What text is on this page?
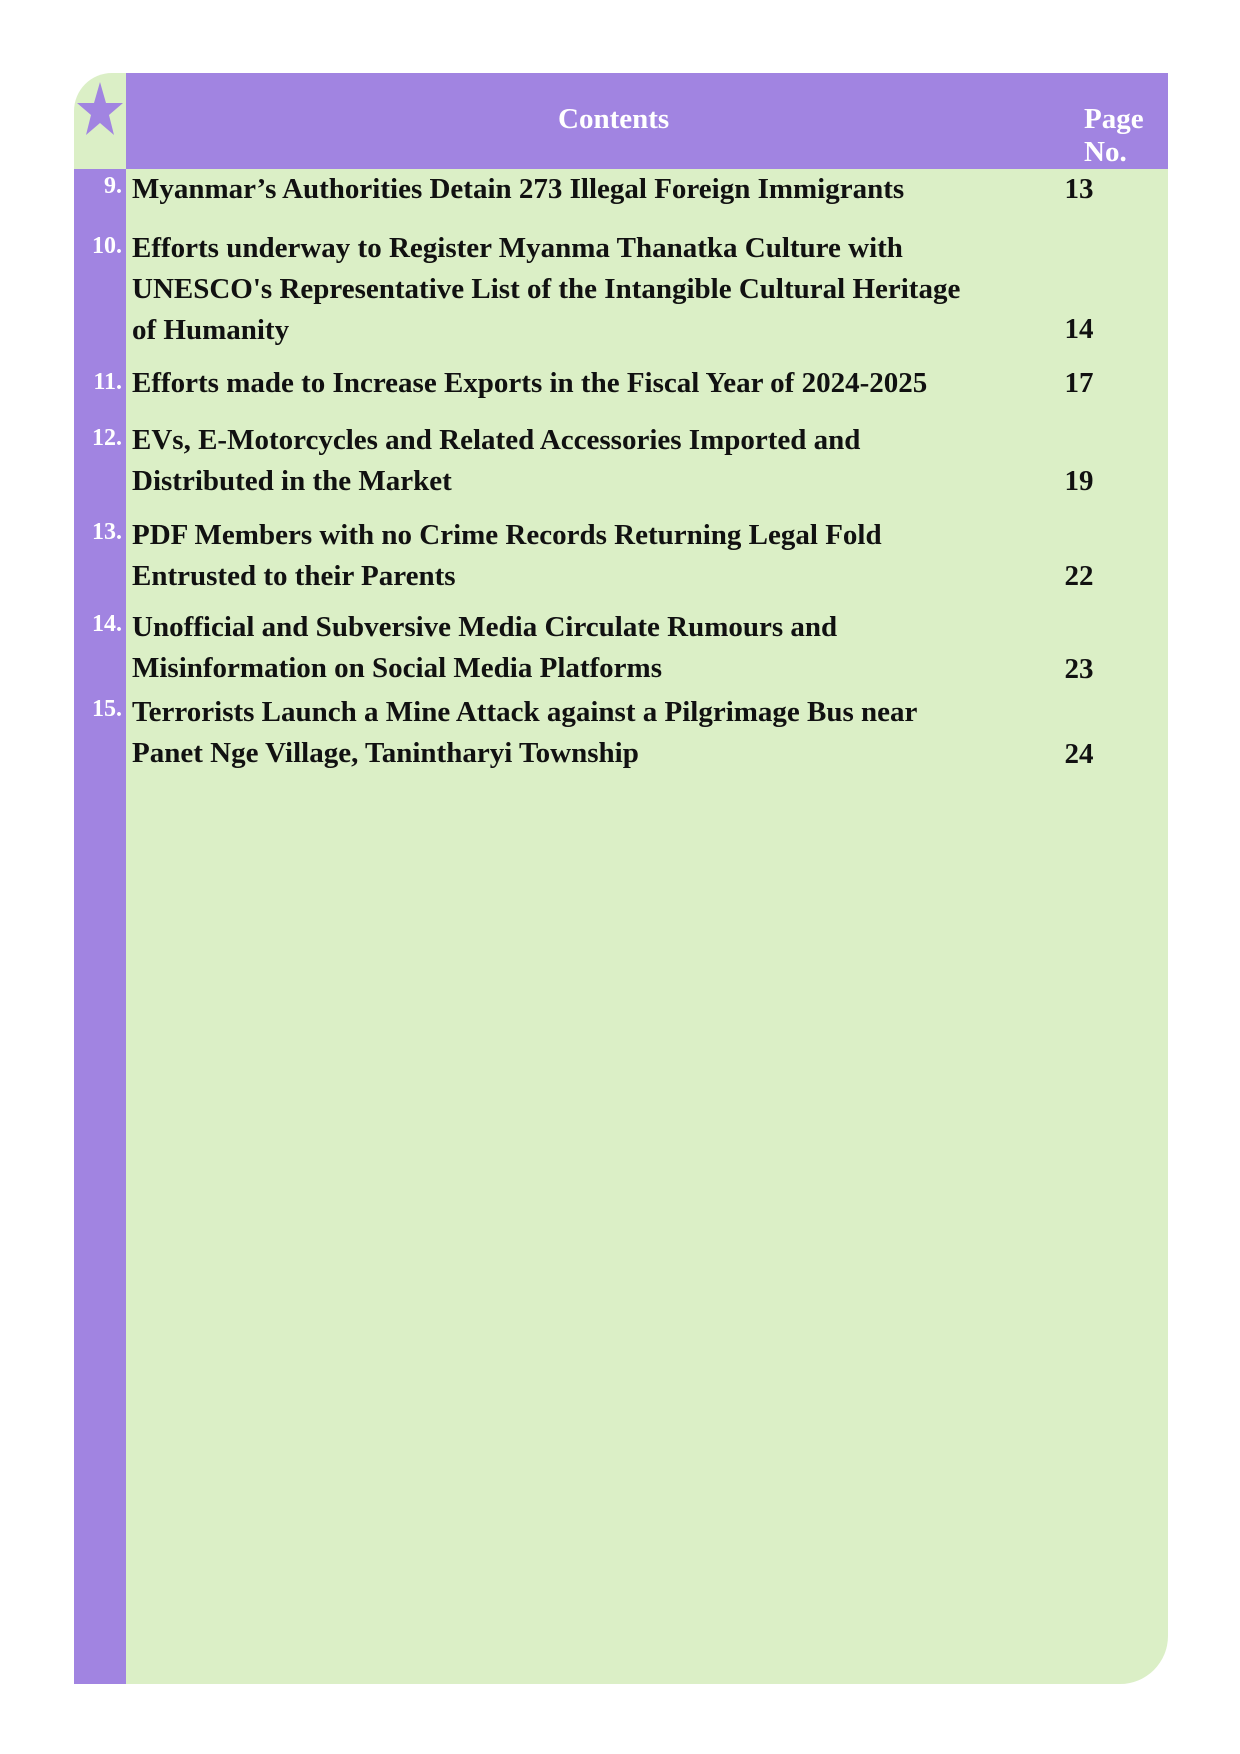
Contents	Page No.
9. Myanmar’s Authorities Detain 273 Illegal Foreign Immigrants	13
10. Efforts underway to Register Myanma Thanatka Culture with UNESCO's Representative List of the Intangible Cultural Heritage of Humanity	14
11. Efforts made to Increase Exports in the Fiscal Year of 2024-2025	17
12. EVs, E-Motorcycles and Related Accessories Imported and Distributed in the Market	19
13. PDF Members with no Crime Records Returning Legal Fold Entrusted to their Parents	22
14. Unofficial and Subversive Media Circulate Rumours and Misinformation on Social Media Platforms	23
15. Terrorists Launch a Mine Attack against a Pilgrimage Bus near Panet Nge Village, Tanintharyi Township	24
